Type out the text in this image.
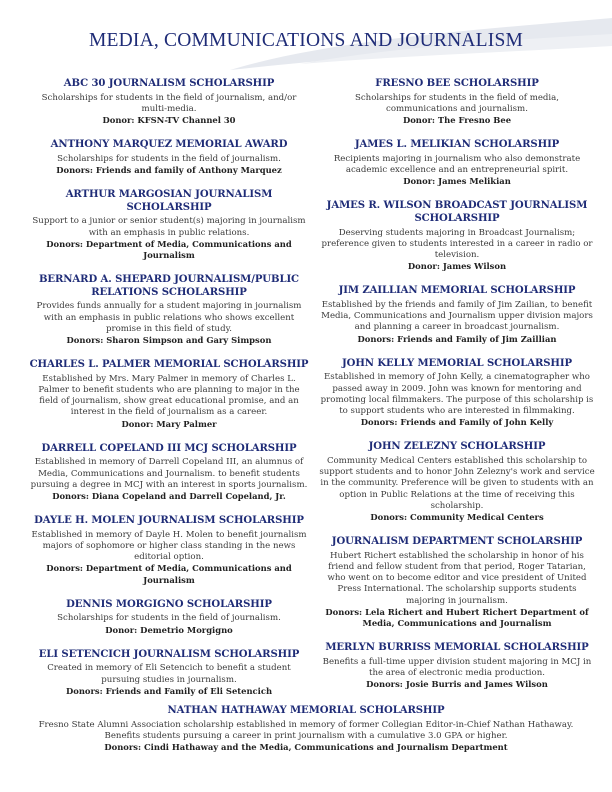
MEDIA, COMMUNICATIONS AND JOURNALISM
ABC 30 JOURNALISM SCHOLARSHIP
Scholarships for students in the field of journalism, and/or multi-media.
Donor: KFSN-TV Channel 30
ANTHONY MARQUEZ MEMORIAL AWARD
Scholarships for students in the field of journalism.
Donors: Friends and family of Anthony Marquez
ARTHUR MARGOSIAN JOURNALISM SCHOLARSHIP
Support to a junior or senior student(s) majoring in journalism with an emphasis in public relations.
Donors: Department of Media, Communications and Journalism
BERNARD A. SHEPARD JOURNALISM/PUBLIC RELATIONS SCHOLARSHIP
Provides funds annually for a student majoring in journalism with an emphasis in public relations who shows excellent promise in this field of study.
Donors: Sharon Simpson and Gary Simpson
CHARLES L. PALMER MEMORIAL SCHOLARSHIP
Established by Mrs. Mary Palmer in memory of Charles L. Palmer to benefit students who are planning to major in the field of journalism, show great educational promise, and an interest in the field of journalism as a career.
Donor: Mary Palmer
DARRELL COPELAND III MCJ SCHOLARSHIP
Established in memory of Darrell Copeland III, an alumnus of Media, Communications and Journalism. to benefit students pursuing a degree in MCJ with an interest in sports journalism.
Donors: Diana Copeland and Darrell Copeland, Jr.
DAYLE H. MOLEN JOURNALISM SCHOLARSHIP
Established in memory of Dayle H. Molen to benefit journalism majors of sophomore or higher class standing in the news editorial option.
Donors: Department of Media, Communications and Journalism
DENNIS MORGIGNO SCHOLARSHIP
Scholarships for students in the field of journalism.
Donor: Demetrio Morgigno
ELI SETENCICH JOURNALISM SCHOLARSHIP
Created in memory of Eli Setencich to benefit a student pursuing studies in journalism.
Donors: Friends and Family of Eli Setencich
FRESNO BEE SCHOLARSHIP
Scholarships for students in the field of media, communications and journalism.
Donor: The Fresno Bee
JAMES L. MELIKIAN SCHOLARSHIP
Recipients majoring in journalism who also demonstrate academic excellence and an entrepreneurial spirit.
Donor: James Melikian
JAMES R. WILSON BROADCAST JOURNALISM SCHOLARSHIP
Deserving students majoring in Broadcast Journalism; preference given to students interested in a career in radio or television.
Donor: James Wilson
JIM ZAILLIAN MEMORIAL SCHOLARSHIP
Established by the friends and family of Jim Zailian, to benefit Media, Communications and Journalism upper division majors and planning a career in broadcast journalism.
Donors: Friends and Family of Jim Zaillian
JOHN KELLY MEMORIAL SCHOLARSHIP
Established in memory of John Kelly, a cinematographer who passed away in 2009. John was known for mentoring and promoting local filmmakers. The purpose of this scholarship is to support students who are interested in filmmaking.
Donors: Friends and Family of John Kelly
JOHN ZELEZNY SCHOLARSHIP
Community Medical Centers established this scholarship to support students and to honor John Zelezny's work and service in the community. Preference will be given to students with an option in Public Relations at the time of receiving this scholarship.
Donors: Community Medical Centers
JOURNALISM DEPARTMENT SCHOLARSHIP
Hubert Richert established the scholarship in honor of his friend and fellow student from that period, Roger Tatarian, who went on to become editor and vice president of United Press International. The scholarship supports students majoring in journalism.
Donors: Lela Richert and Hubert Richert Department of Media, Communications and Journalism
MERLYN BURRISS MEMORIAL SCHOLARSHIP
Benefits a full-time upper division student majoring in MCJ in the area of electronic media production.
Donors: Josie Burris and James Wilson
NATHAN HATHAWAY MEMORIAL SCHOLARSHIP
Fresno State Alumni Association scholarship established in memory of former Collegian Editor-in-Chief Nathan Hathaway. Benefits students pursuing a career in print journalism with a cumulative 3.0 GPA or higher.
Donors: Cindi Hathaway and the Media, Communications and Journalism Department
